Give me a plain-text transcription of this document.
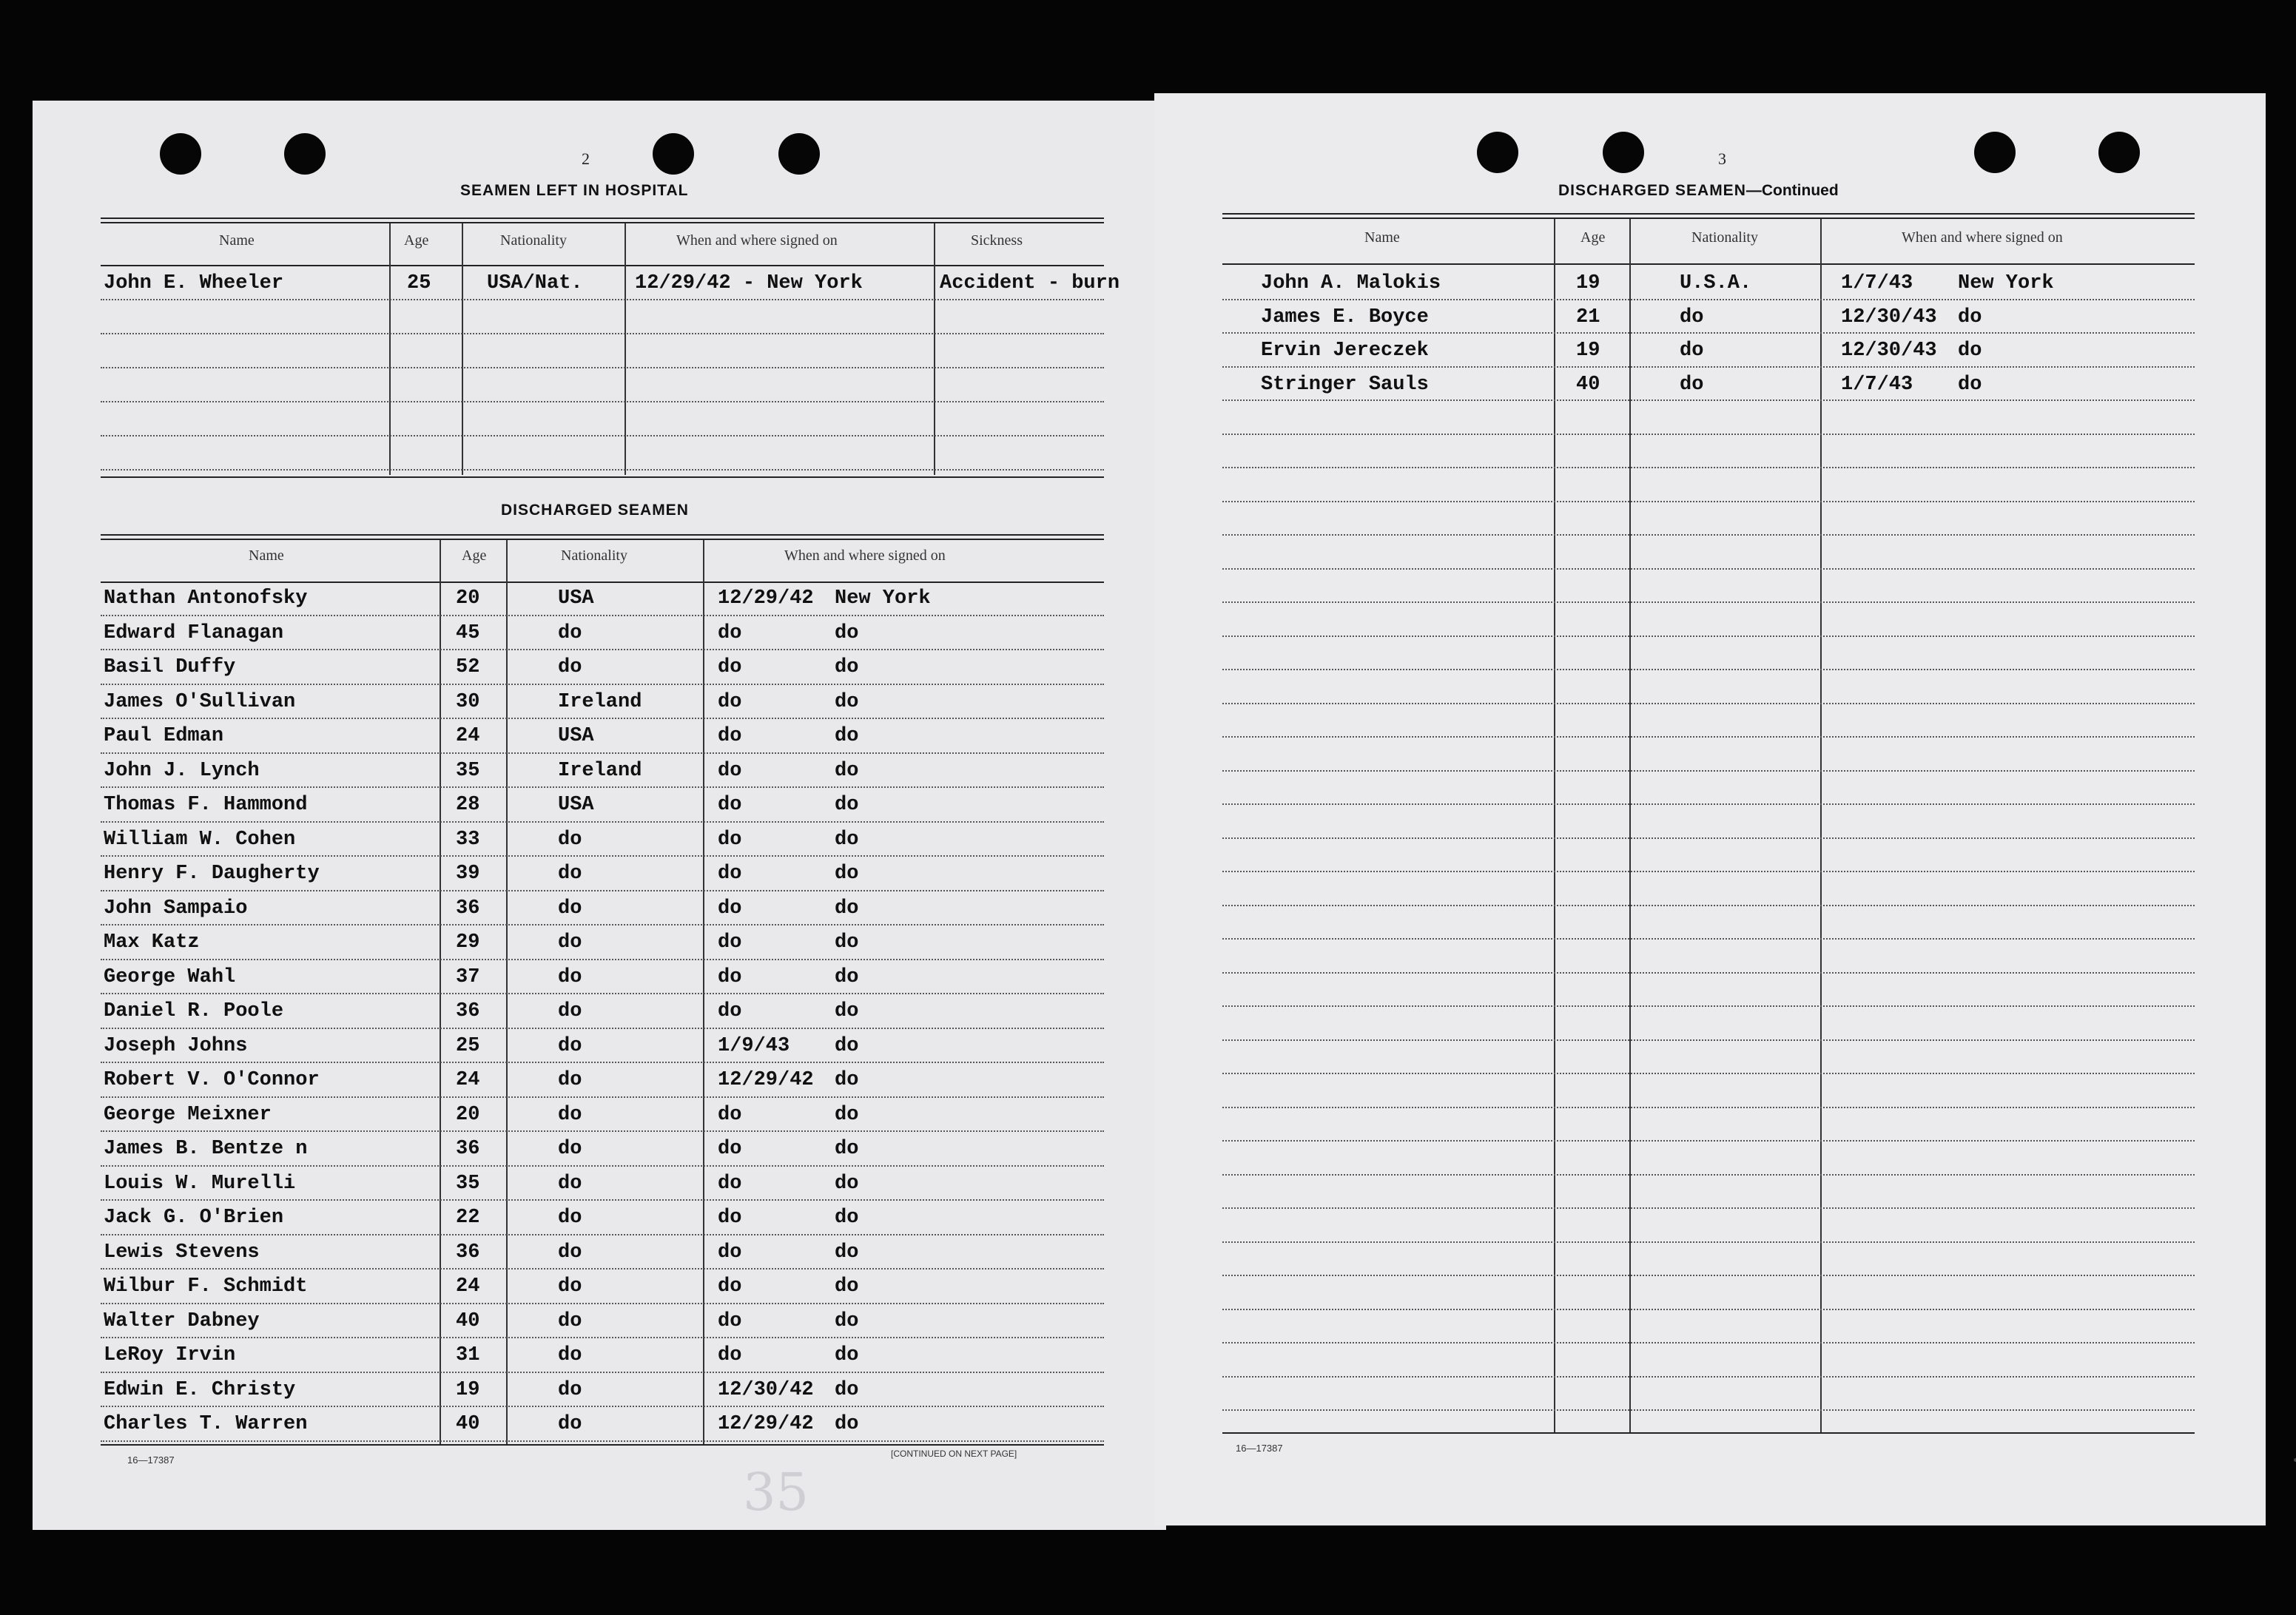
2
SEAMEN LEFT IN HOSPITAL
Name	Age	Nationality	When and where signed on	Sickness
John E. Wheeler	25	USA/Nat.	12/29/42 - New York	Accident - burn
DISCHARGED SEAMEN
Name	Age	Nationality	When and where signed on
Nathan Antonofsky	20	USA	12/29/42 New York
Edward Flanagan	45	do	do	do
Basil Duffy	52	do	do	do
James O'Sullivan	30	Ireland	do	do
Paul Edman	24	USA	do	do
John J. Lynch	35	Ireland	do	do
Thomas F. Hammond	28	USA	do	do
William W. Cohen	33	do	do	do
Henry F. Daugherty	39	do	do	do
John Sampaio	36	do	do	do
Max Katz	29	do	do	do
George Wahl	37	do	do	do
Daniel R. Poole	36	do	do	do
Joseph Johns	25	do	1/9/43 do
Robert V. O'Connor	24	do	12/29/42 do
George Meixner	20	do	do	do
James B. Bentze n	36	do	do	do
Louis W. Murelli	35	do	do	do
Jack G. O'Brien	22	do	do	do
Lewis Stevens	36	do	do	do
Wilbur F. Schmidt	24	do	do	do
Walter Dabney	40	do	do	do
LeRoy Irvin	31	do	do	do
Edwin E. Christy	19	do	12/30/42 do
Charles T. Warren	40	do	12/29/42 do
16—17387
[CONTINUED ON NEXT PAGE]
35
3
DISCHARGED SEAMEN—Continued
Name	Age	Nationality	When and where signed on
John A. Malokis	19	U.S.A.	1/7/43 New York
James E. Boyce	21	do	12/30/43 do
Ervin Jereczek	19	do	12/30/43 do
Stringer Sauls	40	do	1/7/43 do
16—17387
